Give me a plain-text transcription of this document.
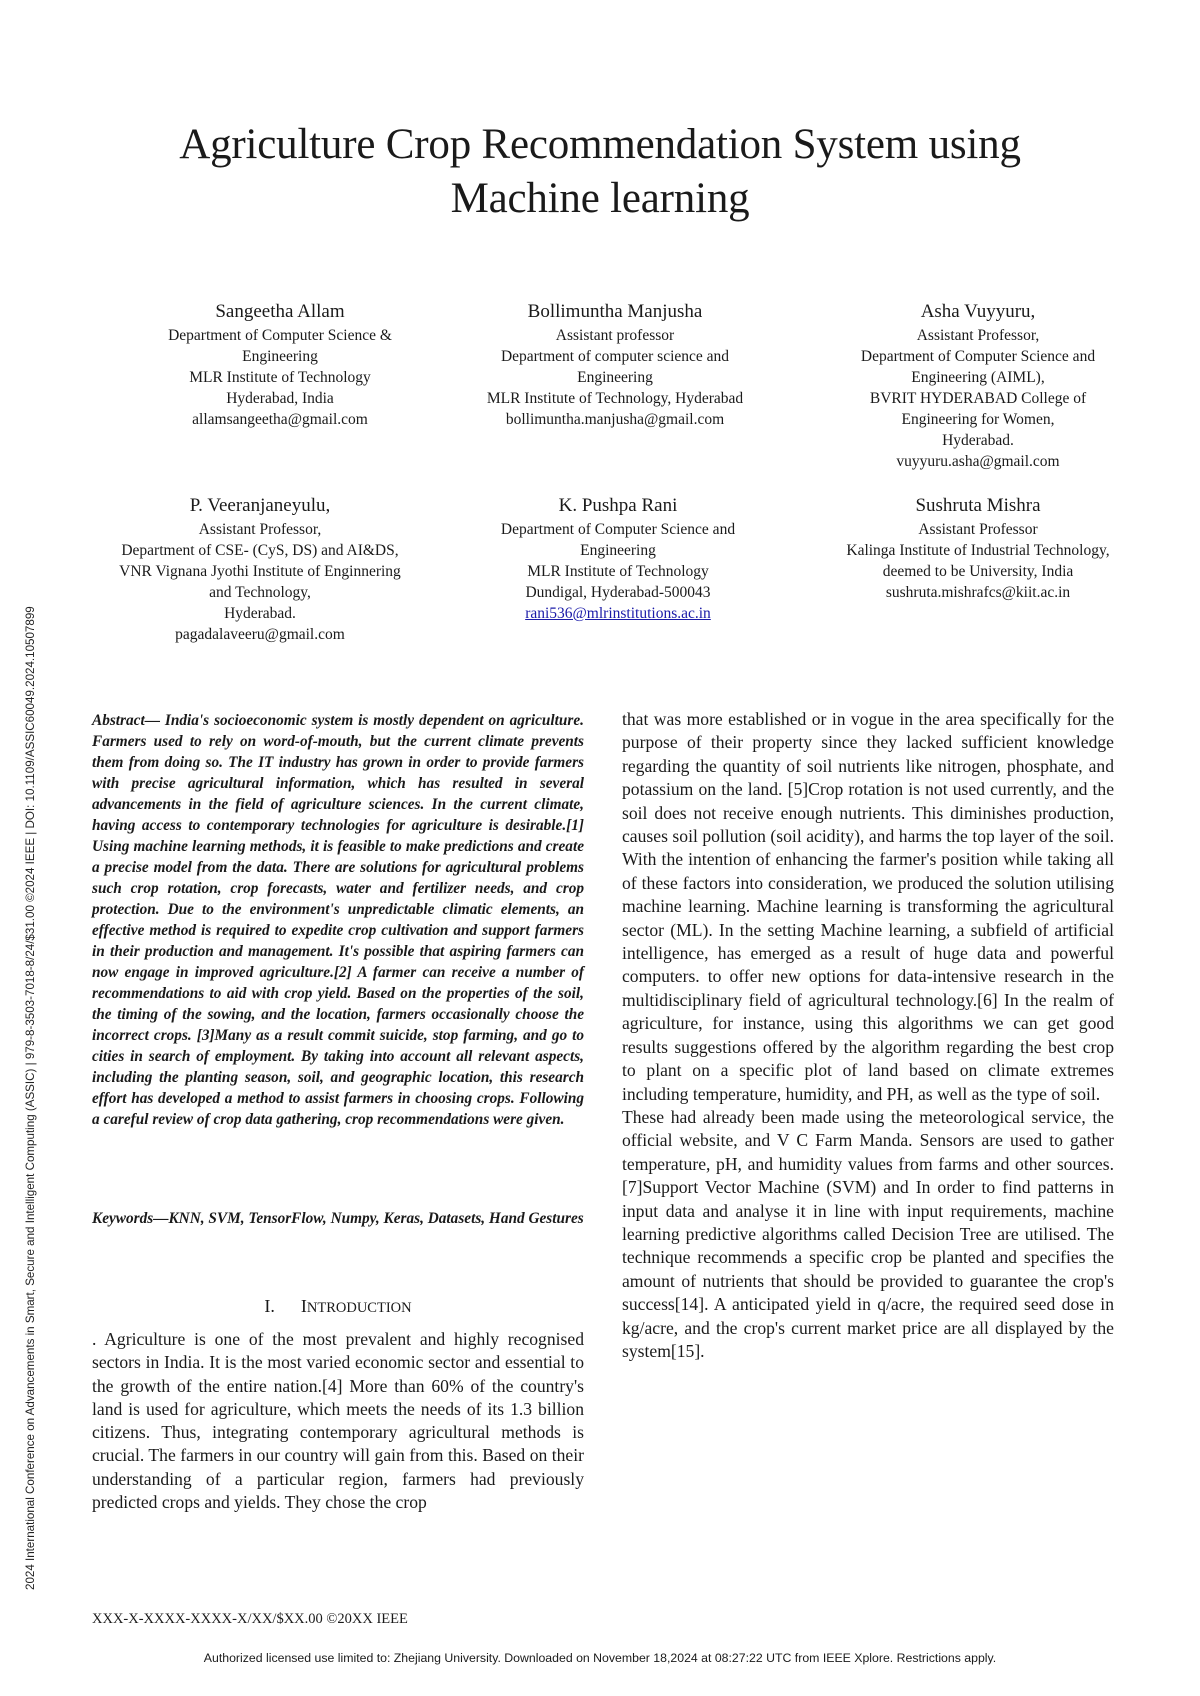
2024 International Conference on Advancements in Smart, Secure and Intelligent Computing (ASSIC) | 979-8-3503-7018-8/24/$31.00 ©2024 IEEE | DOI: 10.1109/ASSIC60049.2024.10507899
Agriculture Crop Recommendation System using
Machine learning
Sangeetha Allam
Department of Computer Science &
Engineering
MLR Institute of Technology
Hyderabad, India
allamsangeetha@gmail.com
Bollimuntha Manjusha
Assistant professor
Department of computer science and
Engineering
MLR Institute of Technology, Hyderabad
bollimuntha.manjusha@gmail.com
Asha Vuyyuru,
Assistant Professor,
Department of Computer Science and
Engineering (AIML),
BVRIT HYDERABAD College of
Engineering for Women,
Hyderabad.
vuyyuru.asha@gmail.com
P. Veeranjaneyulu,
Assistant Professor,
Department of CSE- (CyS, DS) and AI&DS,
VNR Vignana Jyothi Institute of Enginnering
and Technology,
Hyderabad.
pagadalaveeru@gmail.com
K. Pushpa Rani
Department of Computer Science and
Engineering
MLR Institute of Technology
Dundigal, Hyderabad-500043
rani536@mlrinstitutions.ac.in
Sushruta Mishra
Assistant Professor
Kalinga Institute of Industrial Technology,
deemed to be University, India
sushruta.mishrafcs@kiit.ac.in

Abstract— India's socioeconomic system is mostly dependent on agriculture. Farmers used to rely on word-of-mouth, but the current climate prevents them from doing so. The IT industry has grown in order to provide farmers with precise agricultural information, which has resulted in several advancements in the field of agriculture sciences. In the current climate, having access to contemporary technologies for agriculture is desirable.[1] Using machine learning methods, it is feasible to make predictions and create a precise model from the data. There are solutions for agricultural problems such crop rotation, crop forecasts, water and fertilizer needs, and crop protection. Due to the environment's unpredictable climatic elements, an effective method is required to expedite crop cultivation and support farmers in their production and management. It's possible that aspiring farmers can now engage in improved agriculture.[2] A farmer can receive a number of recommendations to aid with crop yield. Based on the properties of the soil, the timing of the sowing, and the location, farmers occasionally choose the incorrect crops. [3]Many as a result commit suicide, stop farming, and go to cities in search of employment. By taking into account all relevant aspects, including the planting season, soil, and geographic location, this research effort has developed a method to assist farmers in choosing crops. Following a careful review of crop data gathering, crop recommendations were given.

Keywords—KNN, SVM, TensorFlow, Numpy, Keras, Datasets, Hand Gestures

I. INTRODUCTION

. Agriculture is one of the most prevalent and highly recognised sectors in India. It is the most varied economic sector and essential to the growth of the entire nation.[4] More than 60% of the country's land is used for agriculture, which meets the needs of its 1.3 billion citizens. Thus, integrating contemporary agricultural methods is crucial. The farmers in our country will gain from this. Based on their understanding of a particular region, farmers had previously predicted crops and yields. They chose the crop

that was more established or in vogue in the area specifically for the purpose of their property since they lacked sufficient knowledge regarding the quantity of soil nutrients like nitrogen, phosphate, and potassium on the land. [5]Crop rotation is not used currently, and the soil does not receive enough nutrients. This diminishes production, causes soil pollution (soil acidity), and harms the top layer of the soil. With the intention of enhancing the farmer's position while taking all of these factors into consideration, we produced the solution utilising machine learning. Machine learning is transforming the agricultural sector (ML). In the setting Machine learning, a subfield of artificial intelligence, has emerged as a result of huge data and powerful computers. to offer new options for data-intensive research in the multidisciplinary field of agricultural technology.[6] In the realm of agriculture, for instance, using this algorithms we can get good results suggestions offered by the algorithm regarding the best crop to plant on a specific plot of land based on climate extremes including temperature, humidity, and PH, as well as the type of soil.
These had already been made using the meteorological service, the official website, and V C Farm Manda. Sensors are used to gather temperature, pH, and humidity values from farms and other sources. [7]Support Vector Machine (SVM) and In order to find patterns in input data and analyse it in line with input requirements, machine learning predictive algorithms called Decision Tree are utilised. The technique recommends a specific crop be planted and specifies the amount of nutrients that should be provided to guarantee the crop's success[14]. A anticipated yield in q/acre, the required seed dose in kg/acre, and the crop's current market price are all displayed by the system[15].

XXX-X-XXXX-XXXX-X/XX/$XX.00 ©20XX IEEE

Authorized licensed use limited to: Zhejiang University. Downloaded on November 18,2024 at 08:27:22 UTC from IEEE Xplore. Restrictions apply.
